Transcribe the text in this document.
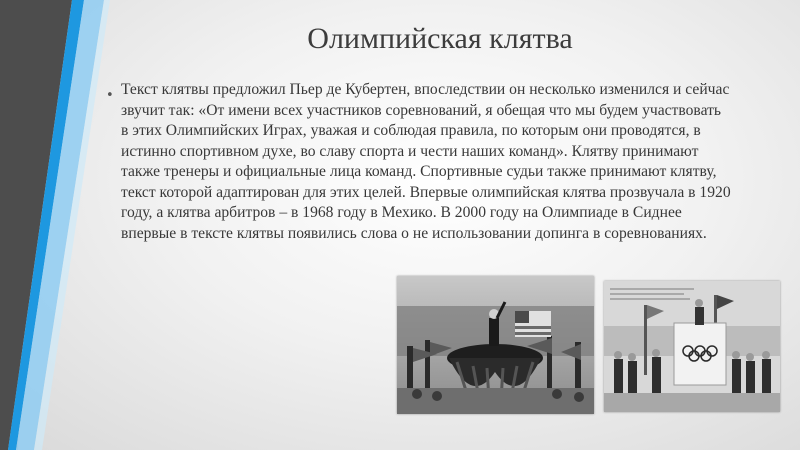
Олимпийская клятва
• Текст клятвы предложил Пьер де Кубертен, впоследствии он несколько изменился и сейчас звучит так: «От имени всех участников соревнований, я обещая что мы будем участвовать в этих Олимпийских Играх, уважая и соблюдая правила, по которым они проводятся, в истинно спортивном духе, во славу спорта и чести наших команд». Клятву принимают также тренеры и официальные лица команд. Спортивные судьи также принимают клятву, текст которой адаптирован для этих целей. Впервые олимпийская клятва прозвучала в 1920 году, а клятва арбитров – в 1968 году в Мехико. В 2000 году на Олимпиаде в Сиднее впервые в тексте клятвы появились слова о не использовании допинга в соревнованиях.
